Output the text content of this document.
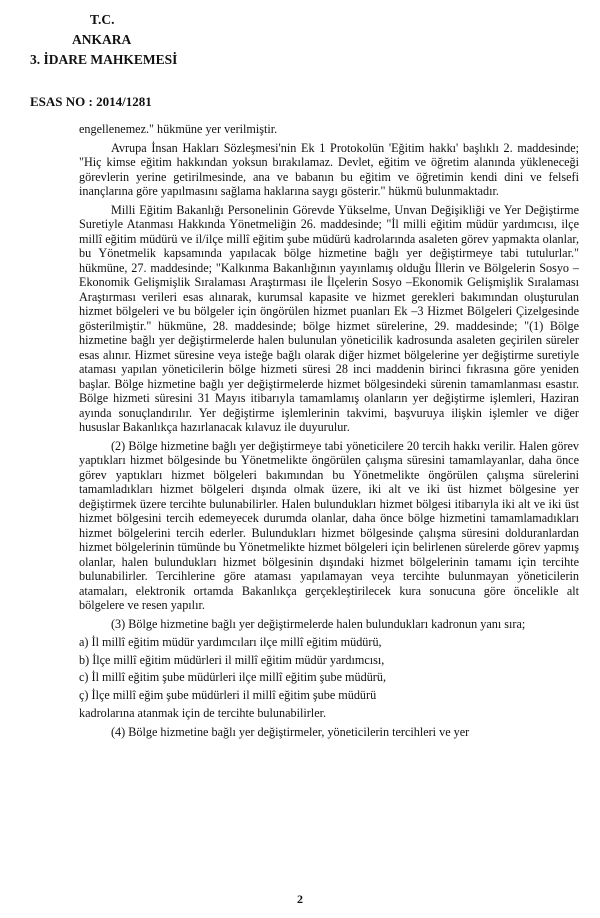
T.C.
ANKARA
3. İDARE MAHKEMESİ
ESAS NO : 2014/1281

engellenemez." hükmüne yer verilmiştir.

Avrupa İnsan Hakları Sözleşmesi'nin Ek 1 Protokolün 'Eğitim hakkı' başlıklı 2. maddesinde; "Hiç kimse eğitim hakkından yoksun bırakılamaz. Devlet, eğitim ve öğretim alanında yükleneceği görevlerin yerine getirilmesinde, ana ve babanın bu eğitim ve öğretimin kendi dini ve felsefi inançlarına göre yapılmasını sağlama haklarına saygı gösterir." hükmü bulunmaktadır.

Milli Eğitim Bakanlığı Personelinin Görevde Yükselme, Unvan Değişikliği ve Yer Değiştirme Suretiyle Atanması Hakkında Yönetmeliğin 26. maddesinde; "İl milli eğitim müdür yardımcısı, ilçe millî eğitim müdürü ve il/ilçe millî eğitim şube müdürü kadrolarında asaleten görev yapmakta olanlar, bu Yönetmelik kapsamında yapılacak bölge hizmetine bağlı yer değiştirmeye tabi tutulurlar." hükmüne, 27. maddesinde; "Kalkınma Bakanlığının yayınlamış olduğu İllerin ve Bölgelerin Sosyo –Ekonomik Gelişmişlik Sıralaması Araştırması ile İlçelerin Sosyo –Ekonomik Gelişmişlik Sıralaması Araştırması verileri esas alınarak, kurumsal kapasite ve hizmet gerekleri bakımından oluşturulan hizmet bölgeleri ve bu bölgeler için öngörülen hizmet puanları Ek –3 Hizmet Bölgeleri Çizelgesinde gösterilmiştir." hükmüne, 28. maddesinde; bölge hizmet sürelerine, 29. maddesinde; "(1) Bölge hizmetine bağlı yer değiştirmelerde halen bulunulan yöneticilik kadrosunda asaleten geçirilen süreler esas alınır. Hizmet süresine veya isteğe bağlı olarak diğer hizmet bölgelerine yer değiştirme suretiyle ataması yapılan yöneticilerin bölge hizmeti süresi 28 inci maddenin birinci fıkrasına göre yeniden başlar. Bölge hizmetine bağlı yer değiştirmelerde hizmet bölgesindeki sürenin tamamlanması esastır. Bölge hizmeti süresini 31 Mayıs itibarıyla tamamlamış olanların yer değiştirme işlemleri, Haziran ayında sonuçlandırılır. Yer değiştirme işlemlerinin takvimi, başvuruya ilişkin işlemler ve diğer hususlar Bakanlıkça hazırlanacak kılavuz ile duyurulur.

(2) Bölge hizmetine bağlı yer değiştirmeye tabi yöneticilere 20 tercih hakkı verilir. Halen görev yaptıkları hizmet bölgesinde bu Yönetmelikte öngörülen çalışma süresini tamamlayanlar, daha önce görev yaptıkları hizmet bölgeleri bakımından bu Yönetmelikte öngörülen çalışma sürelerini tamamladıkları hizmet bölgeleri dışında olmak üzere, iki alt ve iki üst hizmet bölgesine yer değiştirmek üzere tercihte bulunabilirler. Halen bulundukları hizmet bölgesi itibarıyla iki alt ve iki üst hizmet bölgesini tercih edemeyecek durumda olanlar, daha önce bölge hizmetini tamamlamadıkları hizmet bölgelerini tercih ederler. Bulundukları hizmet bölgesinde çalışma süresini dolduranlardan hizmet bölgelerinin tümünde bu Yönetmelikte hizmet bölgeleri için belirlenen sürelerde görev yapmış olanlar, halen bulundukları hizmet bölgesinin dışındaki hizmet bölgelerinin tamamı için tercihte bulunabilirler. Tercihlerine göre ataması yapılamayan veya tercihte bulunmayan yöneticilerin atamaları, elektronik ortamda Bakanlıkça gerçekleştirilecek kura sonucuna göre öncelikle alt bölgelere ve resen yapılır.

(3) Bölge hizmetine bağlı yer değiştirmelerde halen bulundukları kadronun yanı sıra;

a) İl millî eğitim müdür yardımcıları ilçe millî eğitim müdürü,
b) İlçe millî eğitim müdürleri il millî eğitim müdür yardımcısı,
c) İl millî eğitim şube müdürleri ilçe millî eğitim şube müdürü,
ç) İlçe millî eğim şube müdürleri il millî eğitim şube müdürü

kadrolarına atanmak için de tercihte bulunabilirler.

(4) Bölge hizmetine bağlı yer değiştirmeler, yöneticilerin tercihleri ve yer

2
